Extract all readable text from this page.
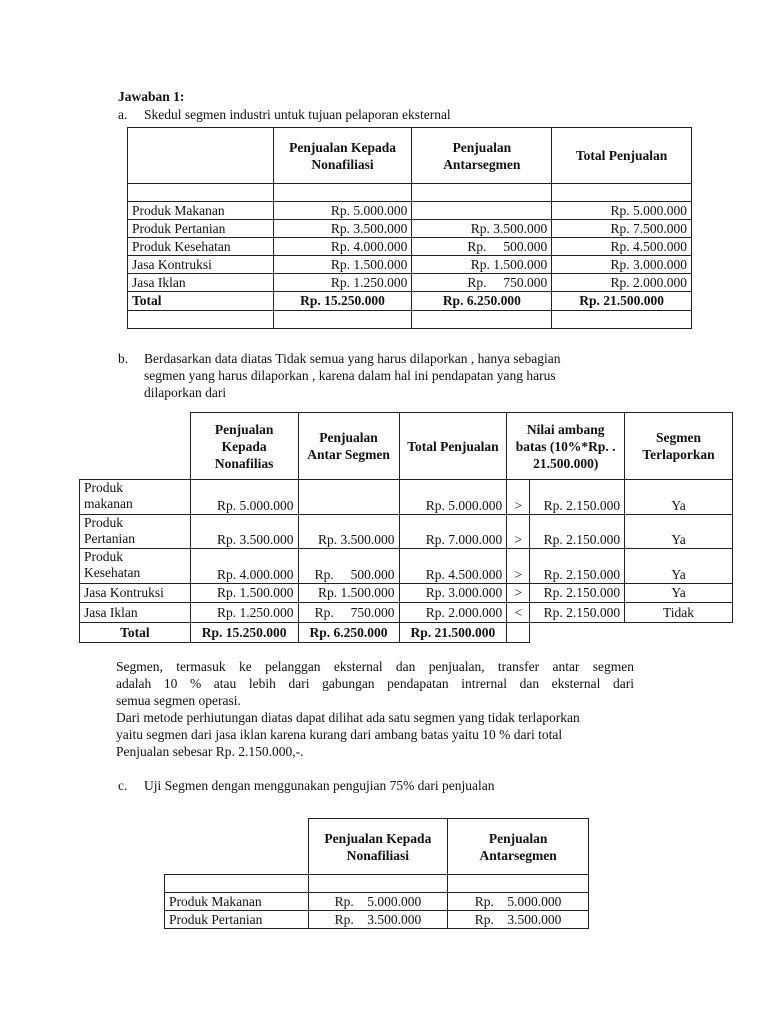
Jawaban 1:
a. Skedul segmen industri untuk tujuan pelaporan eksternal
	Penjualan Kepada Nonafiliasi	Penjualan Antarsegmen	Total Penjualan

Produk Makanan	Rp. 5.000.000		Rp. 5.000.000
Produk Pertanian	Rp. 3.500.000	Rp. 3.500.000	Rp. 7.500.000
Produk Kesehatan	Rp. 4.000.000	Rp.     500.000	Rp. 4.500.000
Jasa Kontruksi	Rp. 1.500.000	Rp. 1.500.000	Rp. 3.000.000
Jasa Iklan	Rp. 1.250.000	Rp.     750.000	Rp. 2.000.000
Total	Rp. 15.250.000	Rp. 6.250.000	Rp. 21.500.000

b. Berdasarkan data diatas Tidak semua yang harus dilaporkan , hanya sebagian
segmen yang harus dilaporkan , karena dalam hal ini pendapatan yang harus
dilaporkan dari
	Penjualan Kepada Nonafilias	Penjualan Antar Segmen	Total Penjualan	Nilai ambang batas (10%*Rp. . 21.500.000)		Segmen Terlaporkan

Produk
makanan	Rp. 5.000.000		Rp. 5.000.000	>	Rp. 2.150.000	Ya

Produk
Pertanian	Rp. 3.500.000	Rp. 3.500.000	Rp. 7.000.000	>	Rp. 2.150.000	Ya

Produk
Kesehatan	Rp. 4.000.000	Rp.     500.000	Rp. 4.500.000	>	Rp. 2.150.000	Ya

Jasa Kontruksi	Rp. 1.500.000	Rp. 1.500.000	Rp. 3.000.000	>	Rp. 2.150.000	Ya

Jasa Iklan	Rp. 1.250.000	Rp.     750.000	Rp. 2.000.000	<	Rp. 2.150.000	Tidak
Total	Rp. 15.250.000	Rp. 6.250.000	Rp. 21.500.000			
Segmen, termasuk ke pelanggan eksternal dan penjualan, transfer antar segmen
adalah 10 % atau lebih dari gabungan pendapatan intrernal dan eksternal dari
semua segmen operasi.
Dari metode perhiutungan diatas dapat dilihat ada satu segmen yang tidak terlaporkan
yaitu segmen dari jasa iklan karena kurang dari ambang batas yaitu 10 % dari total
Penjualan sebesar Rp. 2.150.000,-.
c. Uji Segmen dengan menggunakan pengujian 75% dari penjualan
	Penjualan Kepada Nonafiliasi	Penjualan Antarsegmen

Produk Makanan	Rp.    5.000.000	Rp.    5.000.000
Produk Pertanian	Rp.    3.500.000	Rp.    3.500.000
